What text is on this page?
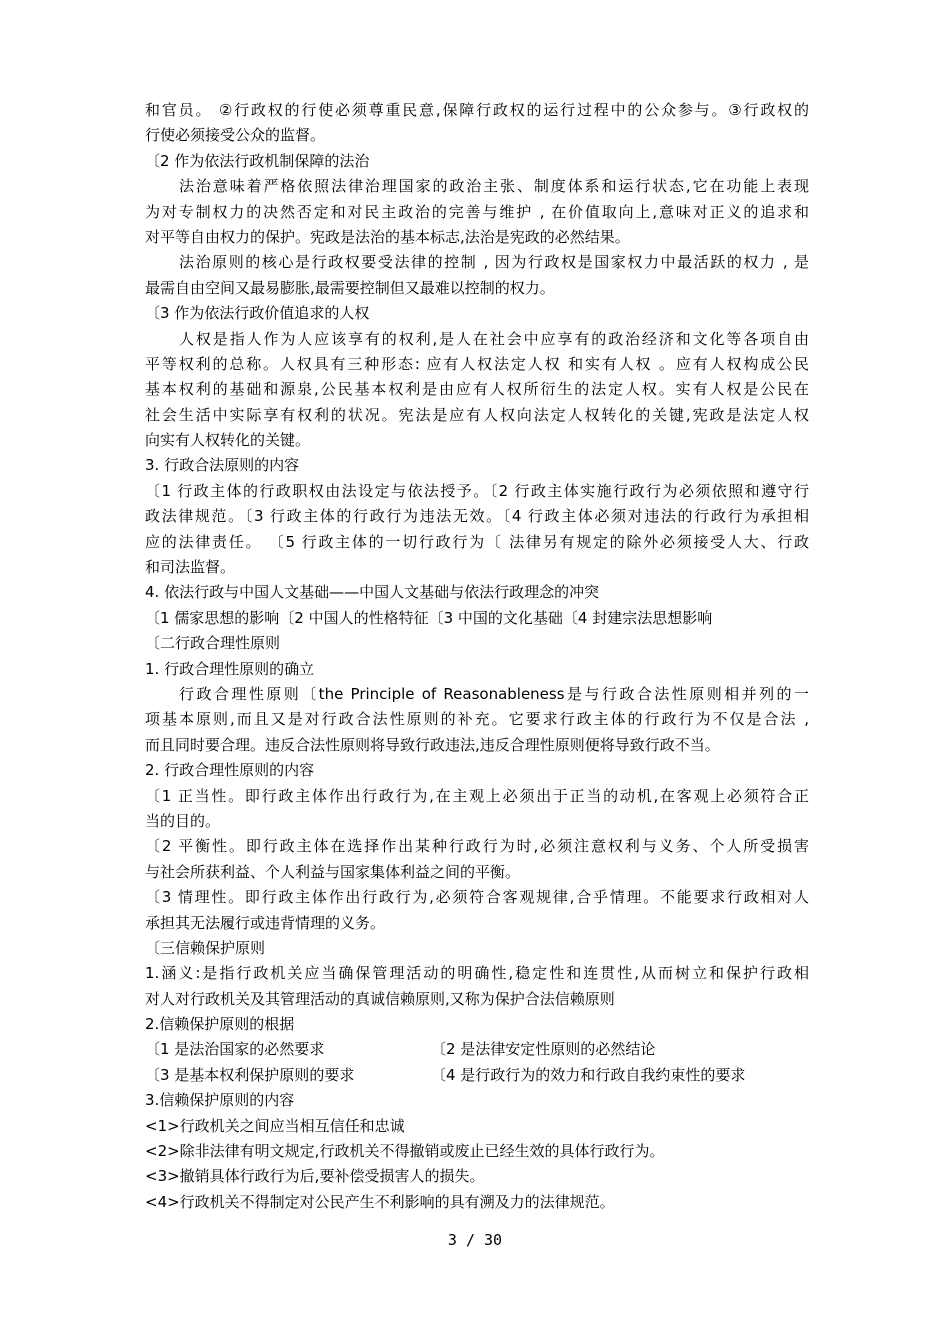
和官员。 ②行政权的行使必须尊重民意,保障行政权的运行过程中的公众参与。③行政权的
行使必须接受公众的监督。
〔2 作为依法行政机制保障的法治
法治意味着严格依照法律治理国家的政治主张、制度体系和运行状态,它在功能上表现
为对专制权力的决然否定和对民主政治的完善与维护 , 在价值取向上,意味对正义的追求和
对平等自由权力的保护。宪政是法治的基本标志,法治是宪政的必然结果。
法治原则的核心是行政权要受法律的控制 , 因为行政权是国家权力中最活跃的权力 , 是
最需自由空间又最易膨胀,最需要控制但又最难以控制的权力。
〔3 作为依法行政价值追求的人权
人权是指人作为人应该享有的权利,是人在社会中应享有的政治经济和文化等各项自由
平等权利的总称。人权具有三种形态: 应有人权法定人权 和实有人权 。应有人权构成公民
基本权利的基础和源泉,公民基本权利是由应有人权所衍生的法定人权。实有人权是公民在
社会生活中实际享有权利的状况。宪法是应有人权向法定人权转化的关键,宪政是法定人权
向实有人权转化的关键。
3. 行政合法原则的内容
〔1 行政主体的行政职权由法设定与依法授予。〔2 行政主体实施行政行为必须依照和遵守行
政法律规范。〔3 行政主体的行政行为违法无效。〔4 行政主体必须对违法的行政行为承担相
应的法律责任。 〔5 行政主体的一切行政行为〔 法律另有规定的除外必须接受人大、行政
和司法监督。
4. 依法行政与中国人文基础——中国人文基础与依法行政理念的冲突
〔1 儒家思想的影响〔2 中国人的性格特征〔3 中国的文化基础〔4 封建宗法思想影响
〔二行政合理性原则
1. 行政合理性原则的确立
行政合理性原则〔the Principle of Reasonableness是与行政合法性原则相并列的一
项基本原则,而且又是对行政合法性原则的补充。它要求行政主体的行政行为不仅是合法 ,
而且同时要合理。违反合法性原则将导致行政违法,违反合理性原则便将导致行政不当。
2. 行政合理性原则的内容
〔1 正当性。即行政主体作出行政行为,在主观上必须出于正当的动机,在客观上必须符合正
当的目的。
〔2 平衡性。即行政主体在选择作出某种行政行为时,必须注意权利与义务、个人所受损害
与社会所获利益、个人利益与国家集体利益之间的平衡。
〔3 情理性。即行政主体作出行政行为,必须符合客观规律,合乎情理。不能要求行政相对人
承担其无法履行或违背情理的义务。
〔三信赖保护原则
1.涵义:是指行政机关应当确保管理活动的明确性,稳定性和连贯性,从而树立和保护行政相
对人对行政机关及其管理活动的真诚信赖原则,又称为保护合法信赖原则
2.信赖保护原则的根据
〔1 是法治国家的必然要求	〔2 是法律安定性原则的必然结论
〔3 是基本权利保护原则的要求	〔4 是行政行为的效力和行政自我约束性的要求
3.信赖保护原则的内容
<1>行政机关之间应当相互信任和忠诚
<2>除非法律有明文规定,行政机关不得撤销或废止已经生效的具体行政行为。
<3>撤销具体行政行为后,要补偿受损害人的损失。
<4>行政机关不得制定对公民产生不利影响的具有溯及力的法律规范。
3 / 30
